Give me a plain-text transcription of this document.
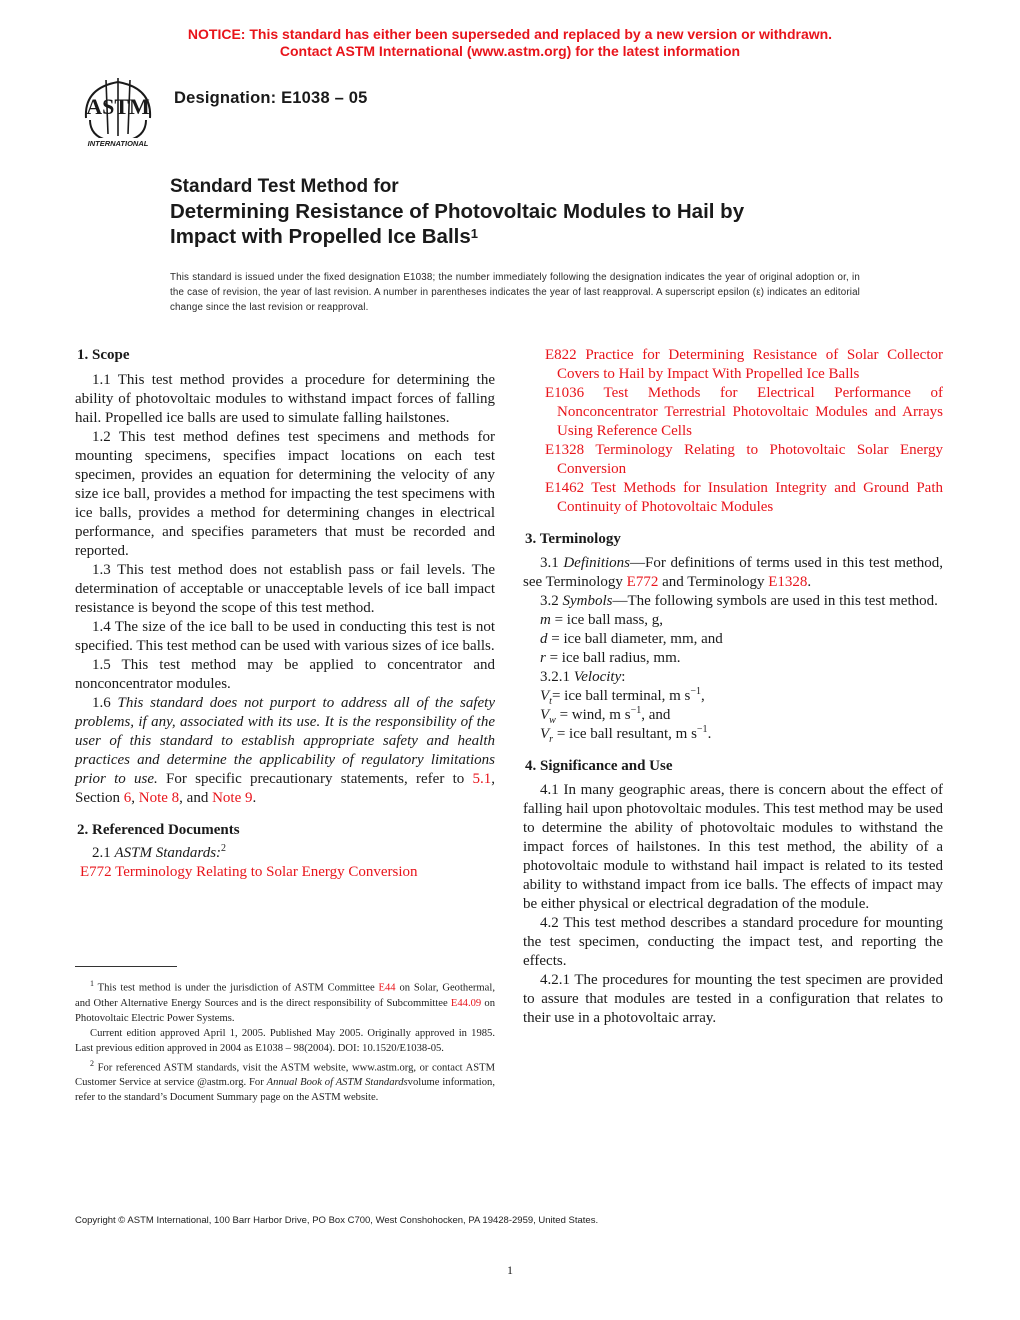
NOTICE: This standard has either been superseded and replaced by a new version or withdrawn.
Contact ASTM International (www.astm.org) for the latest information
ASTM
INTERNATIONAL
Designation: E1038 – 05
Standard Test Method for
Determining Resistance of Photovoltaic Modules to Hail by
Impact with Propelled Ice Balls$^1$
This standard is issued under the fixed designation E1038; the number immediately following the designation indicates the year of original adoption or, in the case of revision, the year of last revision. A number in parentheses indicates the year of last reapproval. A superscript epsilon (ε) indicates an editorial change since the last revision or reapproval.
1. Scope

1.1 This test method provides a procedure for determining the ability of photovoltaic modules to withstand impact forces of falling hail. Propelled ice balls are used to simulate falling hailstones.

1.2 This test method defines test specimens and methods for mounting specimens, specifies impact locations on each test specimen, provides an equation for determining the velocity of any size ice ball, provides a method for impacting the test specimens with ice balls, provides a method for determining changes in electrical performance, and specifies parameters that must be recorded and reported.

1.3 This test method does not establish pass or fail levels. The determination of acceptable or unacceptable levels of ice ball impact resistance is beyond the scope of this test method.

1.4 The size of the ice ball to be used in conducting this test is not specified. This test method can be used with various sizes of ice balls.

1.5 This test method may be applied to concentrator and nonconcentrator modules.

1.6 This standard does not purport to address all of the safety problems, if any, associated with its use. It is the responsibility of the user of this standard to establish appropriate safety and health practices and determine the applicability of regulatory limitations prior to use. For specific precautionary statements, refer to 5.1, Section 6, Note 8, and Note 9.

2. Referenced Documents

2.1 ASTM Standards:$^2$

E772 Terminology Relating to Solar Energy Conversion

$^1$ This test method is under the jurisdiction of ASTM Committee E44 on Solar, Geothermal, and Other Alternative Energy Sources and is the direct responsibility of Subcommittee E44.09 on Photovoltaic Electric Power Systems.

Current edition approved April 1, 2005. Published May 2005. Originally approved in 1985. Last previous edition approved in 2004 as E1038 – 98(2004). DOI: 10.1520/E1038-05.

$^2$ For referenced ASTM standards, visit the ASTM website, www.astm.org, or contact ASTM Customer Service at service @astm.org. For Annual Book of ASTM Standardsvolume information, refer to the standard’s Document Summary page on the ASTM website.

E822 Practice for Determining Resistance of Solar Collector Covers to Hail by Impact With Propelled Ice Balls

E1036 Test Methods for Electrical Performance of Nonconcentrator Terrestrial Photovoltaic Modules and Arrays Using Reference Cells

E1328 Terminology Relating to Photovoltaic Solar Energy Conversion

E1462 Test Methods for Insulation Integrity and Ground Path Continuity of Photovoltaic Modules

3. Terminology

3.1 Definitions—For definitions of terms used in this test method, see Terminology E772 and Terminology E1328.

3.2 Symbols—The following symbols are used in this test method.

m = ice ball mass, g,

d = ice ball diameter, mm, and

r = ice ball radius, mm.

3.2.1 Velocity:

$V_t=$ ice ball terminal, m $s^{-1}$,

$V_w$ = wind, m $s^{-1}$, and

$V_r$ = ice ball resultant, m $s^{-1}$.

4. Significance and Use

4.1 In many geographic areas, there is concern about the effect of falling hail upon photovoltaic modules. This test method may be used to determine the ability of photovoltaic modules to withstand the impact forces of hailstones. In this test method, the ability of a photovoltaic module to withstand hail impact is related to its tested ability to withstand impact from ice balls. The effects of impact may be either physical or electrical degradation of the module.

4.2 This test method describes a standard procedure for mounting the test specimen, conducting the impact test, and reporting the effects.

4.2.1 The procedures for mounting the test specimen are provided to assure that modules are tested in a configuration that relates to their use in a photovoltaic array.

Copyright © ASTM International, 100 Barr Harbor Drive, PO Box C700, West Conshohocken, PA 19428-2959, United States.
1
